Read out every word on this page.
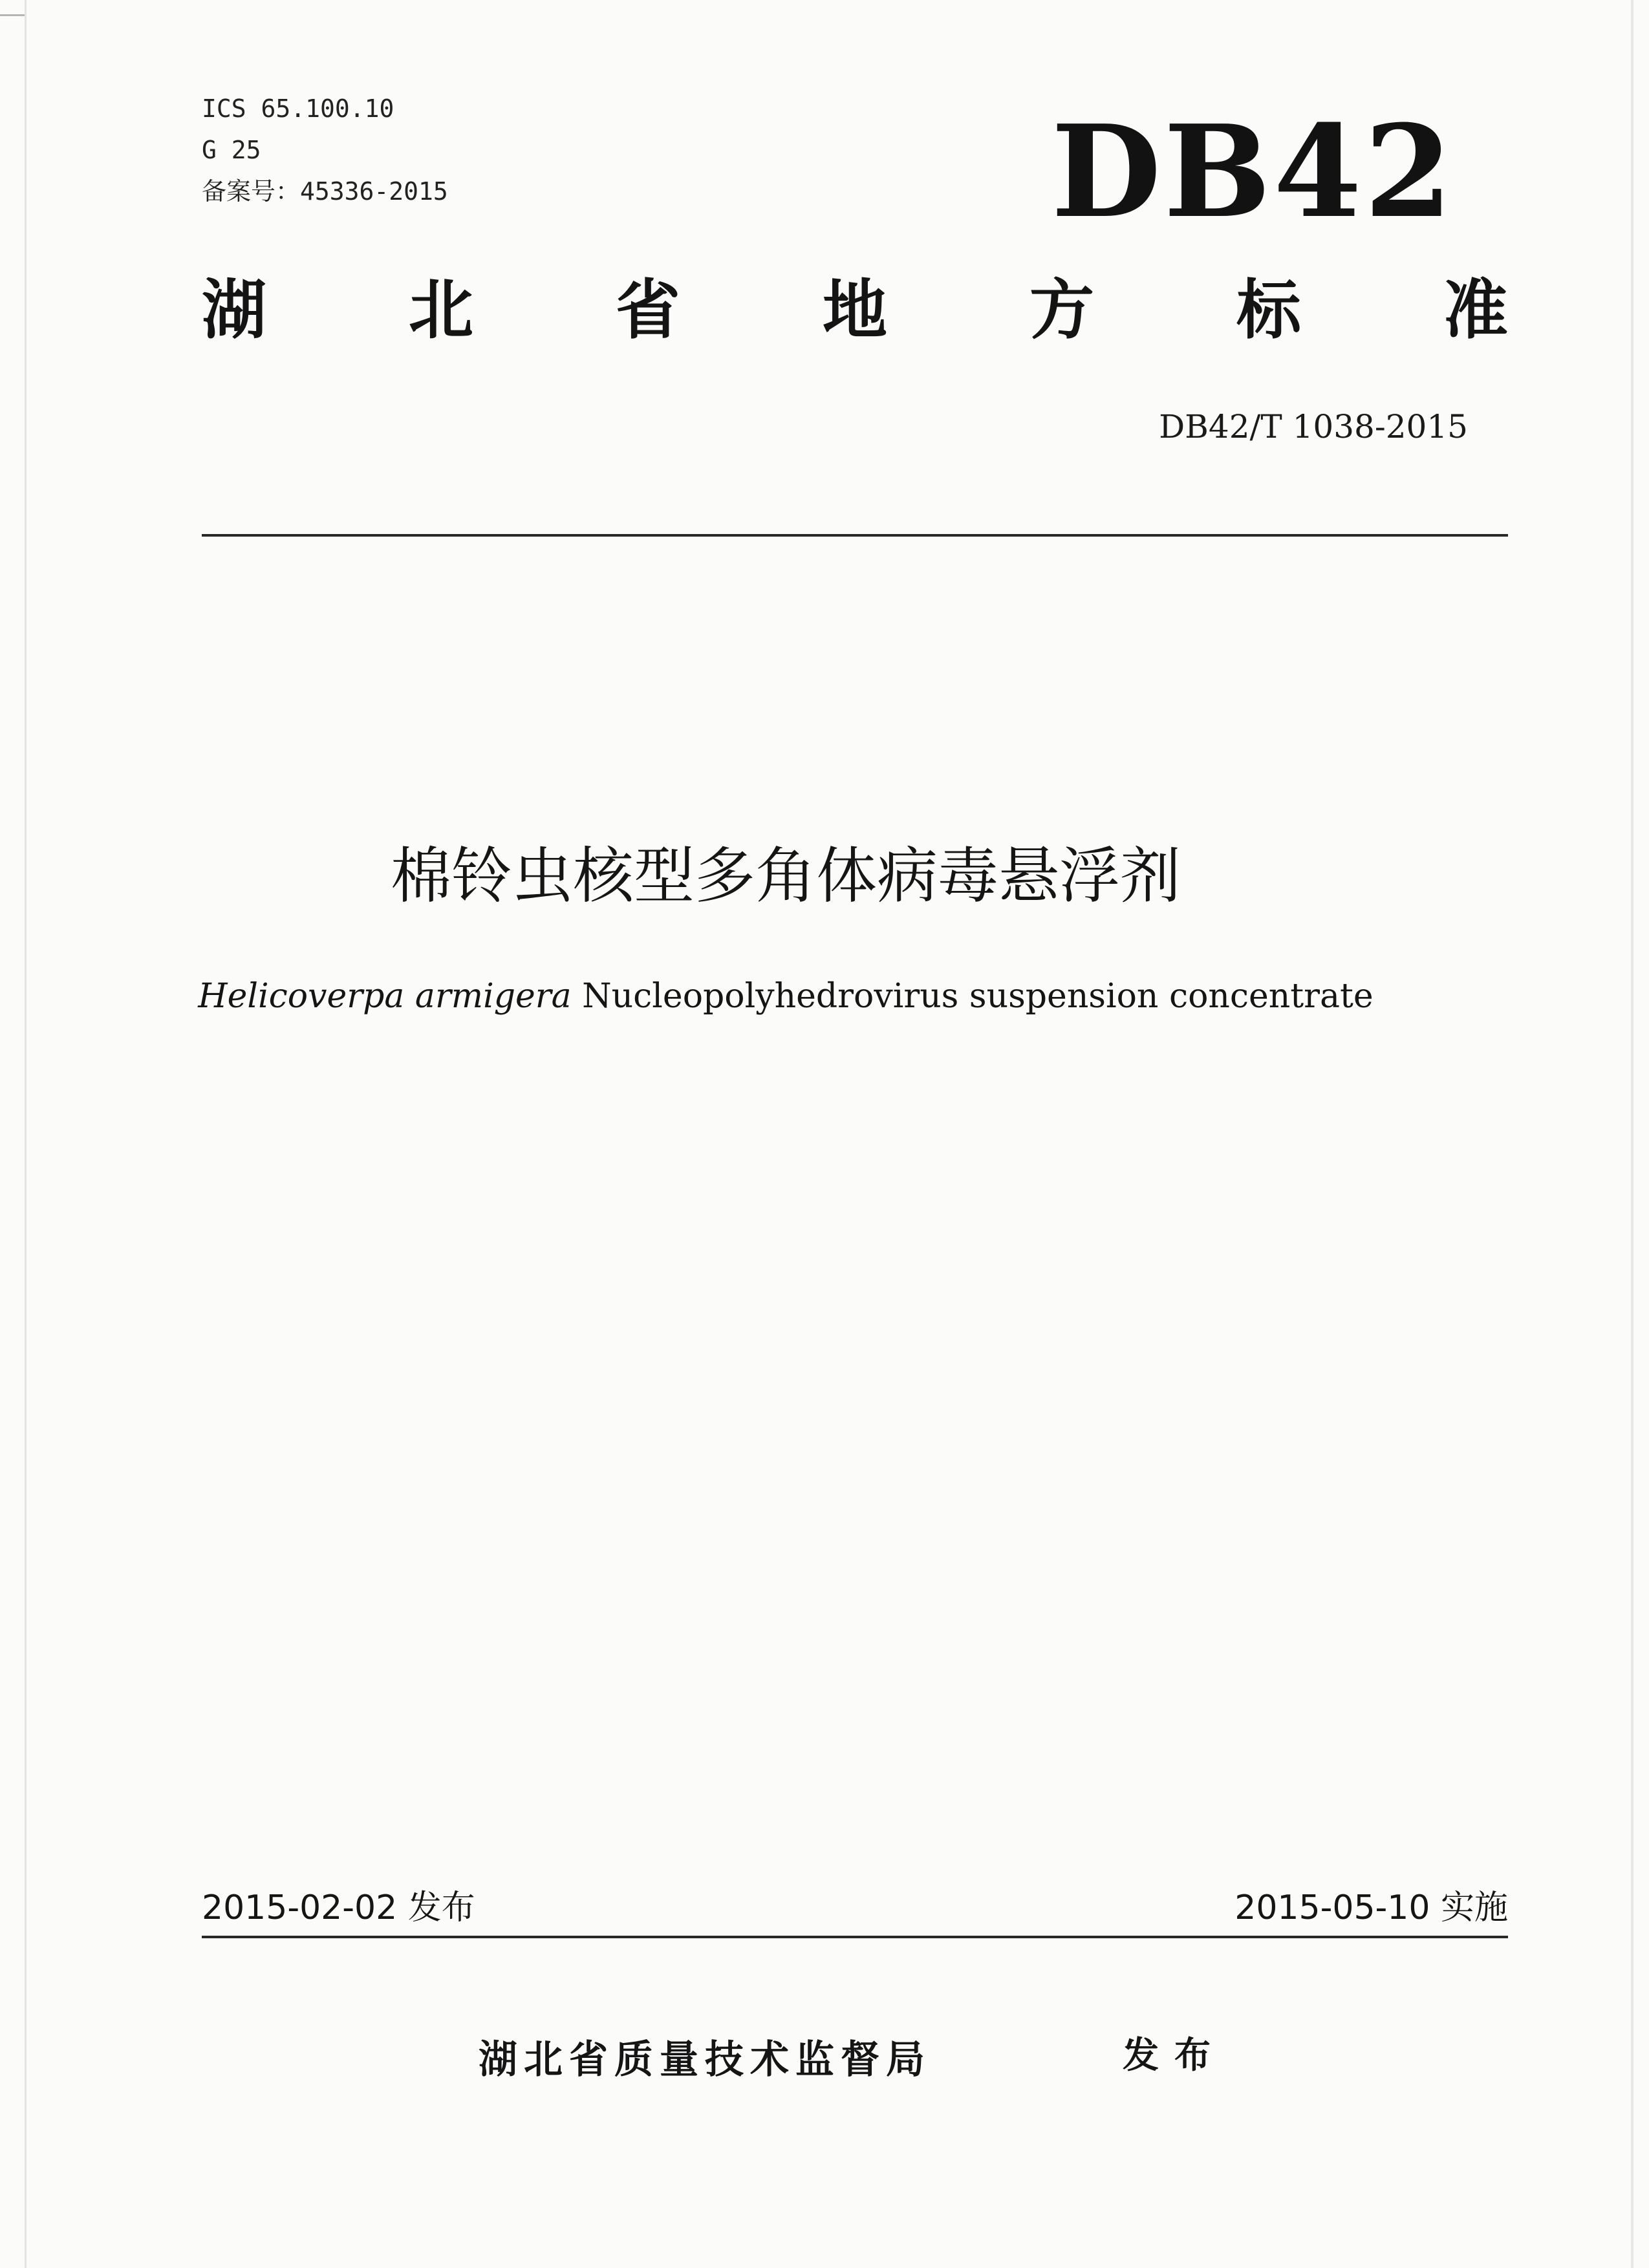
ICS 65.100.10
G 25
备案号：45336-2015	DB42
湖 北 省 地 方 标 准
DB42/T 1038-2015
棉铃虫核型多角体病毒悬浮剂
Helicoverpa armigera Nucleopolyhedrovirus suspension concentrate
2015-02-02 发布	2015-05-10 实施
湖北省质量技术监督局	发布
